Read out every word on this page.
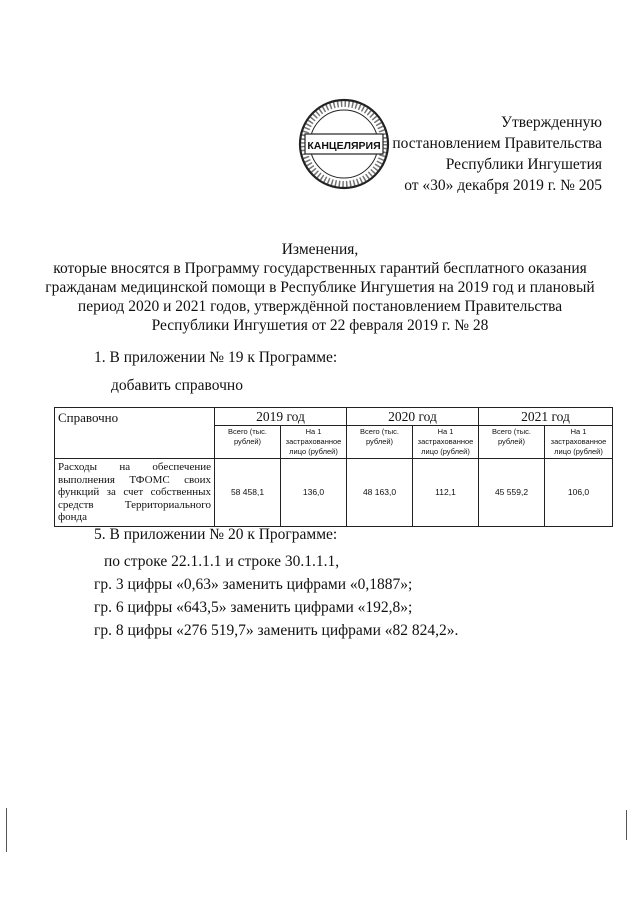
КАНЦЕЛЯРИЯ
Утвержденную
постановлением Правительства
Республики Ингушетия
от «30» декабря 2019 г. № 205
Изменения,
которые вносятся в Программу государственных гарантий бесплатного оказания
гражданам медицинской помощи в Республике Ингушетия на 2019 год и плановый
период 2020 и 2021 годов, утверждённой постановлением Правительства
Республики Ингушетия от 22 февраля 2019 г. № 28
1. В приложении № 19 к Программе:
добавить справочно
Справочно	2019 год		2020 год		2021 год	
	Всего (тыс. рублей)	На 1 застрахованное лицо (рублей)	Всего (тыс. рублей)	На 1 застрахованное лицо (рублей)	Всего (тыс. рублей)	На 1 застрахованное лицо (рублей)
Расходы на обеспечение выполнения ТФОМС своих функций за счет собственных средств Территориального фонда	58 458,1	136,0	48 163,0	112,1	45 559,2	106,0
5. В приложении № 20 к Программе:
по строке 22.1.1.1 и строке 30.1.1.1,
гр. 3 цифры «0,63» заменить цифрами «0,1887»;
гр. 6 цифры «643,5» заменить цифрами «192,8»;
гр. 8 цифры «276 519,7» заменить цифрами «82 824,2».
